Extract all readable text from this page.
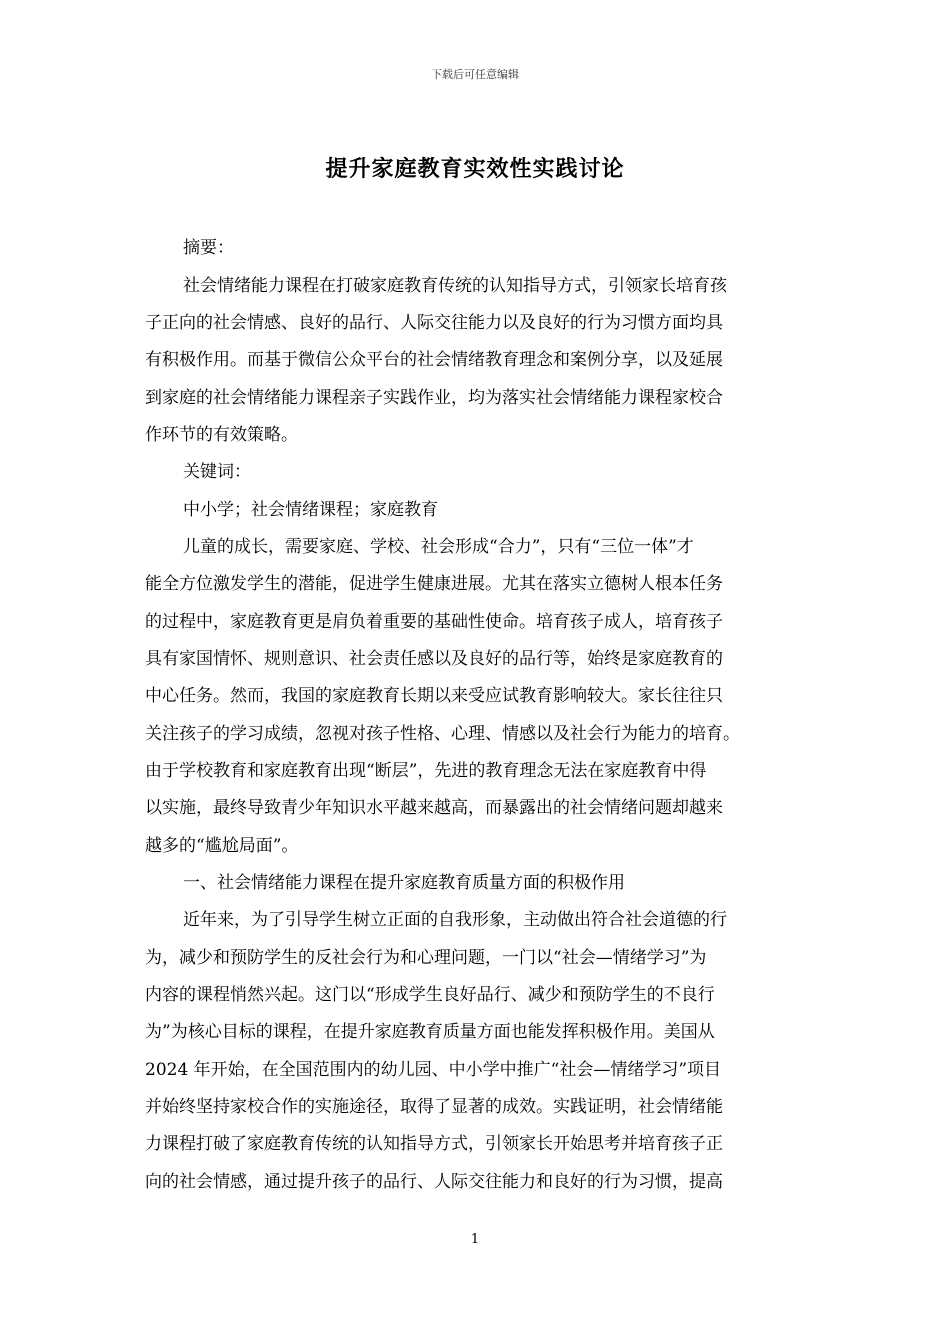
下载后可任意编辑
提升家庭教育实效性实践讨论
摘要：
社会情绪能力课程在打破家庭教育传统的认知指导方式，引领家长培育孩
子正向的社会情感、良好的品行、人际交往能力以及良好的行为习惯方面均具
有积极作用。而基于微信公众平台的社会情绪教育理念和案例分享，以及延展
到家庭的社会情绪能力课程亲子实践作业，均为落实社会情绪能力课程家校合
作环节的有效策略。
关键词：
中小学；社会情绪课程；家庭教育
儿童的成长，需要家庭、学校、社会形成“合力”，只有“三位一体”才
能全方位激发学生的潜能，促进学生健康进展。尤其在落实立德树人根本任务
的过程中，家庭教育更是肩负着重要的基础性使命。培育孩子成人，培育孩子
具有家国情怀、规则意识、社会责任感以及良好的品行等，始终是家庭教育的
中心任务。然而，我国的家庭教育长期以来受应试教育影响较大。家长往往只
关注孩子的学习成绩，忽视对孩子性格、心理、情感以及社会行为能力的培育。
由于学校教育和家庭教育出现“断层”，先进的教育理念无法在家庭教育中得
以实施，最终导致青少年知识水平越来越高，而暴露出的社会情绪问题却越来
越多的“尴尬局面”。
一、社会情绪能力课程在提升家庭教育质量方面的积极作用
近年来，为了引导学生树立正面的自我形象，主动做出符合社会道德的行
为，减少和预防学生的反社会行为和心理问题，一门以“社会—情绪学习”为
内容的课程悄然兴起。这门以“形成学生良好品行、减少和预防学生的不良行
为”为核心目标的课程，在提升家庭教育质量方面也能发挥积极作用。美国从
2024 年开始，在全国范围内的幼儿园、中小学中推广“社会—情绪学习”项目
并始终坚持家校合作的实施途径，取得了显著的成效。实践证明，社会情绪能
力课程打破了家庭教育传统的认知指导方式，引领家长开始思考并培育孩子正
向的社会情感，通过提升孩子的品行、人际交往能力和良好的行为习惯，提高
1
